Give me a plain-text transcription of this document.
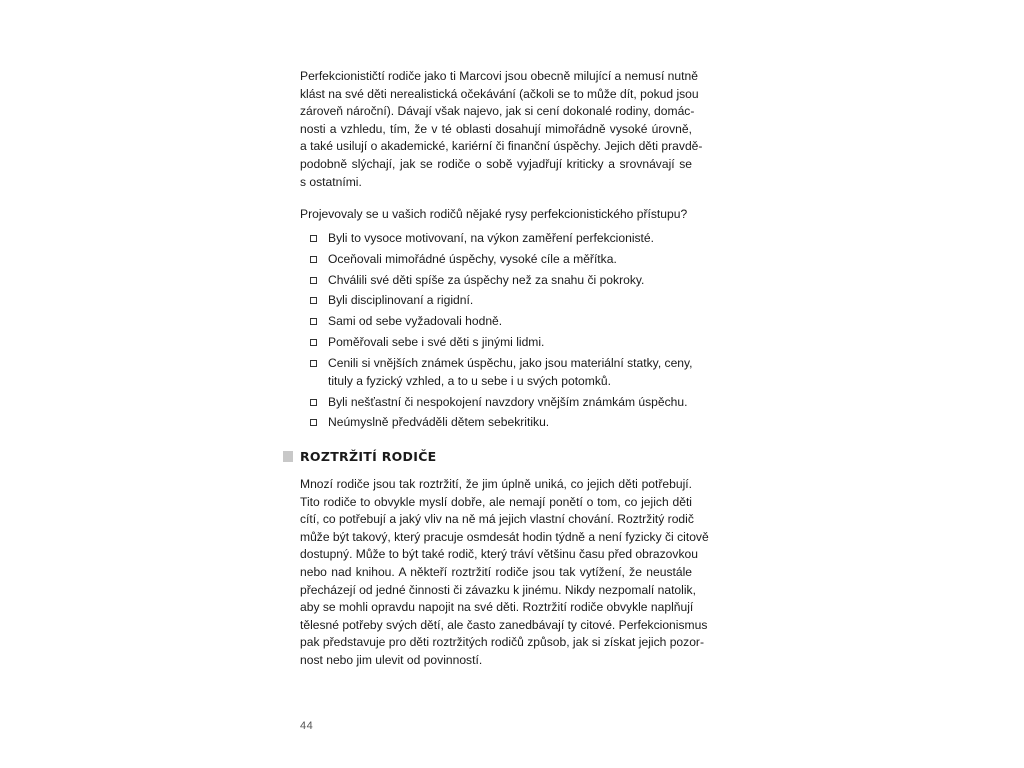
Perfekcionističtí rodiče jako ti Marcovi jsou obecně milující a nemusí nutně
klást na své děti nerealistická očekávání (ačkoli se to může dít, pokud jsou
zároveň nároční). Dávají však najevo, jak si cení dokonalé rodiny, domác-
nosti a vzhledu, tím, že v té oblasti dosahují mimořádně vysoké úrovně,
a také usilují o akademické, kariérní či finanční úspěchy. Jejich děti pravdě-
podobně slýchají, jak se rodiče o sobě vyjadřují kriticky a srovnávají se
s ostatními.

Projevovaly se u vašich rodičů nějaké rysy perfekcionistického přístupu?

Byli to vysoce motivovaní, na výkon zaměření perfekcionisté.
Oceňovali mimořádné úspěchy, vysoké cíle a měřítka.
Chválili své děti spíše za úspěchy než za snahu či pokroky.
Byli disciplinovaní a rigidní.
Sami od sebe vyžadovali hodně.
Poměřovali sebe i své děti s jinými lidmi.
Cenili si vnějších známek úspěchu, jako jsou materiální statky, ceny,
tituly a fyzický vzhled, a to u sebe i u svých potomků.
Byli nešťastní či nespokojení navzdory vnějším známkám úspěchu.
Neúmyslně předváděli dětem sebekritiku.
ROZTRŽITÍ RODIČE
Mnozí rodiče jsou tak roztržití, že jim úplně uniká, co jejich děti potřebují.
Tito rodiče to obvykle myslí dobře, ale nemají ponětí o tom, co jejich děti
cítí, co potřebují a jaký vliv na ně má jejich vlastní chování. Roztržitý rodič
může být takový, který pracuje osmdesát hodin týdně a není fyzicky či citově
dostupný. Může to být také rodič, který tráví většinu času před obrazovkou
nebo nad knihou. A někteří roztržití rodiče jsou tak vytížení, že neustále
přecházejí od jedné činnosti či závazku k jinému. Nikdy nezpomalí natolik,
aby se mohli opravdu napojit na své děti. Roztržití rodiče obvykle naplňují
tělesné potřeby svých dětí, ale často zanedbávají ty citové. Perfekcionismus
pak představuje pro děti roztržitých rodičů způsob, jak si získat jejich pozor-
nost nebo jim ulevit od povinností.
44
